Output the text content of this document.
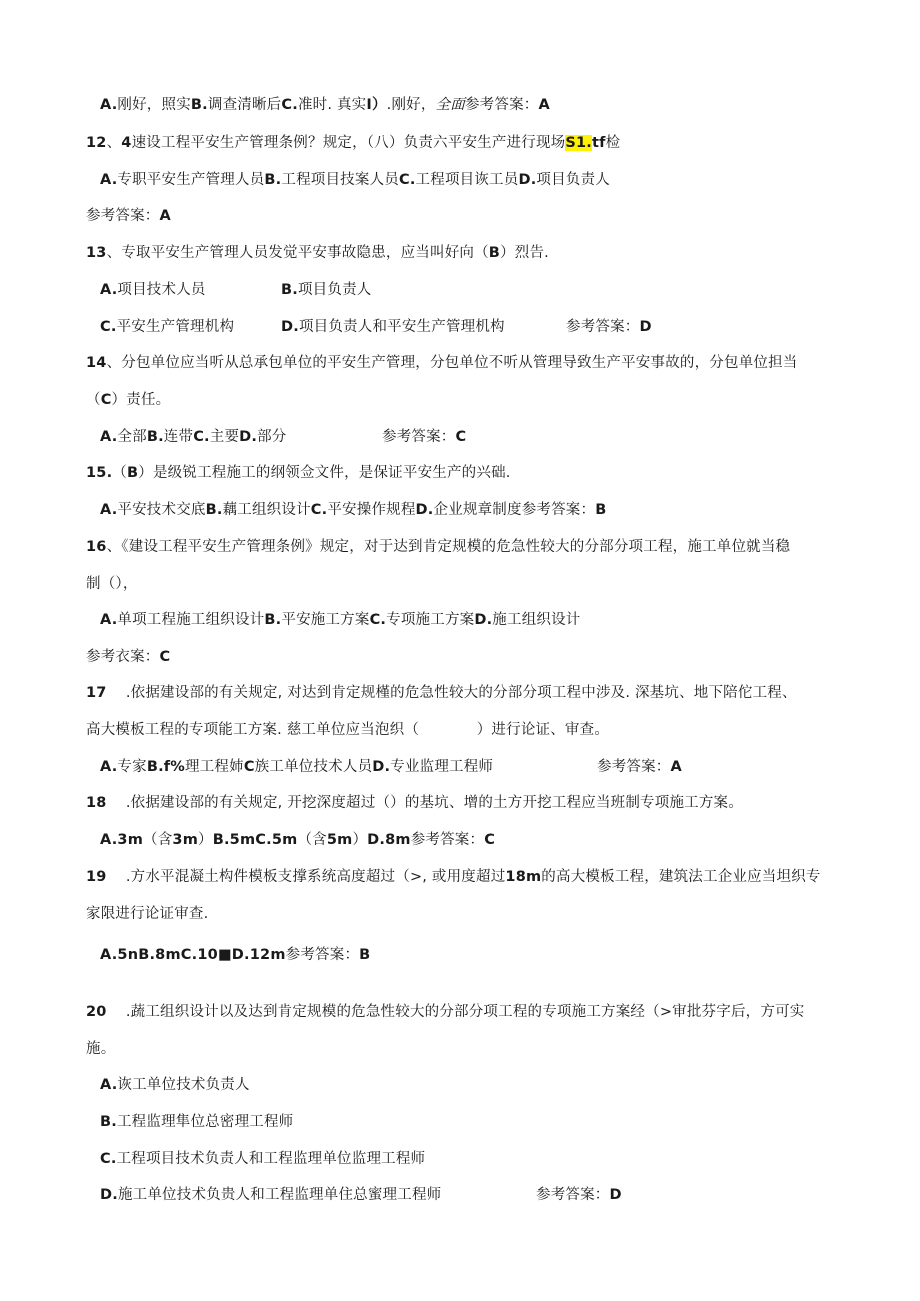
A.刚好，照实B.调查清晰后C.准时. 真实I）.刚好，全面参考答案：A
12、4速设工程平安生产管理条例？规定，（八）负责六平安生产进行现场S1.tf检
A.专职平安生产管理人员B.工程项目技案人员C.工程项目诙工员D.项目负责人
参考答案：A
13、专取平安生产管理人员发觉平安事故隐患，应当叫好向（B）烈告.
A.项目技术人员	B.项目负责人
C.平安生产管理机构	D.项目负责人和平安生产管理机构	参考答案：D
14、分包单位应当听从总承包单位的平安生产管理，分包单位不听从管理导致生产平安事故的，分包单位担当
（C）责任。
A.全部B.连带C.主要D.部分	参考答案：C
15.（B）是级锐工程施工的纲领佥文件，是保证平安生产的兴础.
A.平安技术交底B.藕工组织设计C.平安操作规程D.企业规章制度参考答案：B
16、《建设工程平安生产管理条例》规定，对于达到肯定规模的危急性较大的分部分项工程，施工单位就当稳
制（），
A.单项工程施工组织设计B.平安施工方案C.专项施工方案D.施工组织设计
参考衣案：C
17    .依据建设部的有关规定, 对达到肯定规槿的危急性较大的分部分项工程中涉及. 深基坑、地下陪佗工程、
高大模板工程的专项能工方案. 慈工单位应当泡织（            ）进行论证、审查。
A.专家B.f%理工程姉C族工单位技术人员D.专业监理工程师	参考答案：A
18    .依据建设部的有关规定, 开挖深度超过（）的基坑、增的土方开挖工程应当班制专项施工方案。
A.3m（含3m）B.5mC.5m（含5m）D.8m参考答案：C
19    .方水平混凝土构件模板支撑系统高度超过（>, 或用度超过18m的高大模板工程，建筑法工企业应当坦织专
家限进行论证审查.
A.5nB.8mC.10■D.12m参考答案：B
20    .蔬工组织设计以及达到肯定规模的危急性较大的分部分项工程的专项施工方案经（>审批芬字后，方可实
施。
A.诙工单位技术负责人
B.工程监理隼位总密理工程师
C.工程项目技术负责人和工程监理单位监理工程师
D.施工单位技术负贵人和工程监理单住总蜜理工程师	参考答案：D
